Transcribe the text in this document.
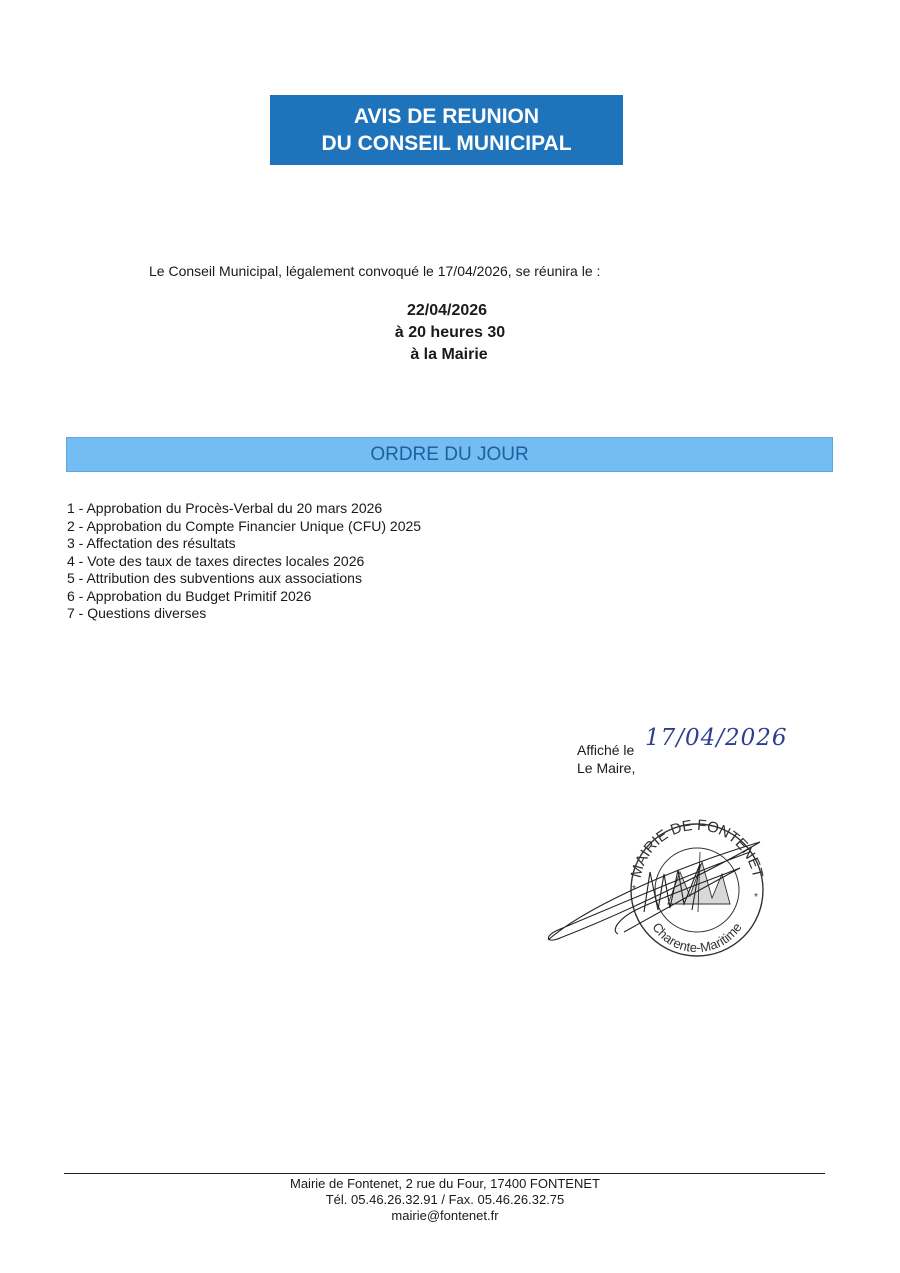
AVIS DE REUNION
DU CONSEIL MUNICIPAL
Le Conseil Municipal, légalement convoqué le 17/04/2026, se réunira le :
22/04/2026
à 20 heures 30
à la Mairie
ORDRE DU JOUR
1 - Approbation du Procès-Verbal du 20 mars 2026
2 - Approbation du Compte Financier Unique (CFU) 2025
3 - Affectation des résultats
4 - Vote des taux de taxes directes locales 2026
5 - Attribution des subventions aux associations
6 - Approbation du Budget Primitif 2026
7 - Questions diverses
Affiché le
Le Maire,
17/04/2026
MAIRIE DE FONTENET
Charente-Maritime
*
*
Mairie de Fontenet, 2 rue du Four, 17400 FONTENET
Tél. 05.46.26.32.91 / Fax. 05.46.26.32.75
mairie@fontenet.fr
